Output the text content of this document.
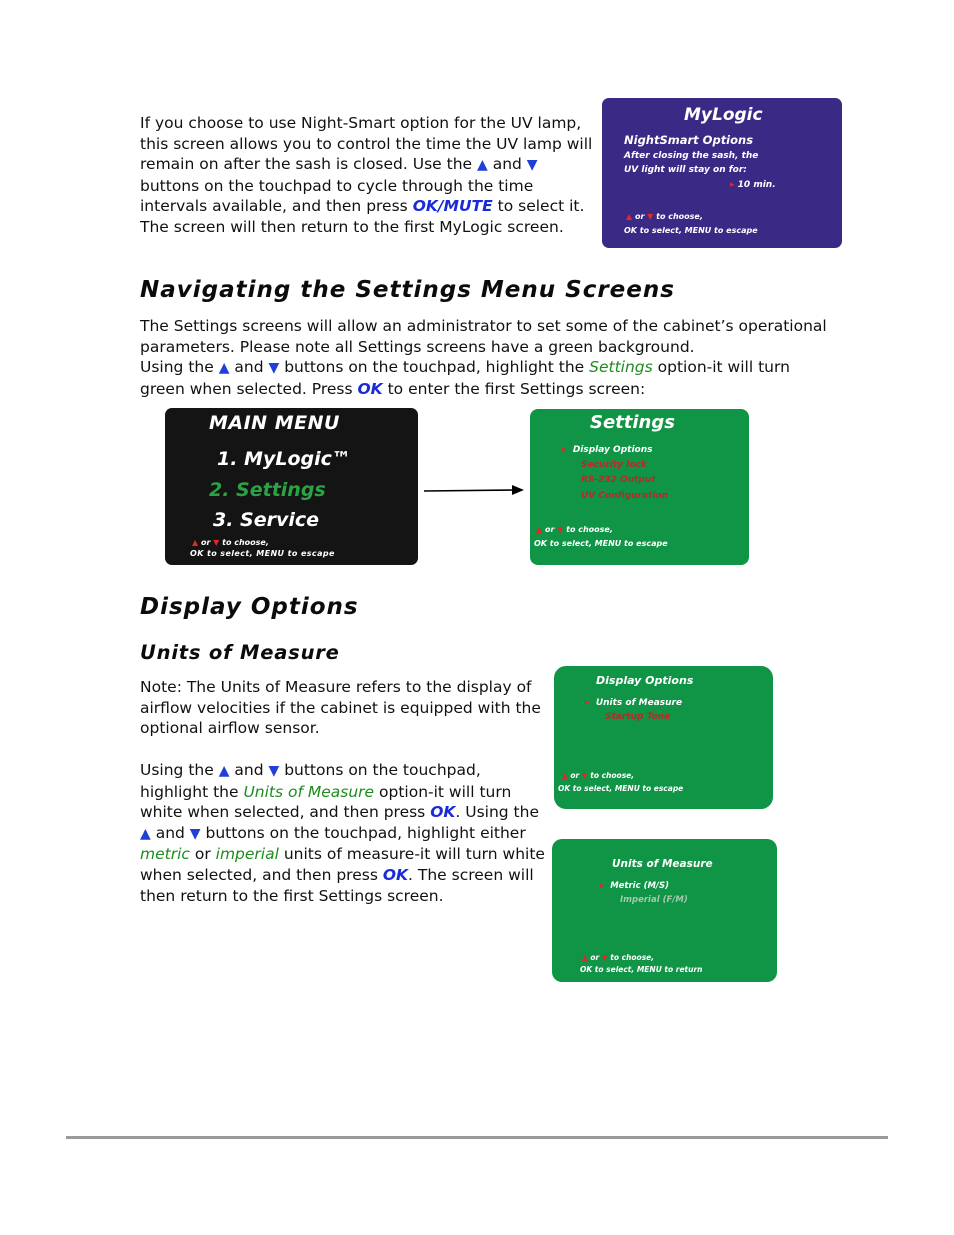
If you choose to use Night-Smart option for the UV lamp,
this screen allows you to control the time the UV lamp will
remain on after the sash is closed. Use the ▲ and ▼
buttons on the touchpad to cycle through the time
intervals available, and then press OK/MUTE to select it.
The screen will then return to the first MyLogic screen.
MyLogic
NightSmart Options
After closing the sash, the
UV light will stay on for:
▸ 10 min.
▲ or ▼ to choose,
OK to select, MENU to escape
Navigating the Settings Menu Screens
The Settings screens will allow an administrator to set some of the cabinet’s operational
parameters. Please note all Settings screens have a green background.
Using the ▲ and ▼ buttons on the touchpad, highlight the Settings option-it will turn
green when selected. Press OK to enter the first Settings screen:
MAIN MENU
1. MyLogic™
2. Settings
3. Service
▲ or ▼ to choose,
OK to select, MENU to escape
Settings
▸ Display Options
Security lock
RS-232 Output
UV Configuration
▲ or ▼ to choose,
OK to select, MENU to escape
Display Options
Units of Measure
Note: The Units of Measure refers to the display of
airflow velocities if the cabinet is equipped with the
optional airflow sensor.
Using the ▲ and ▼ buttons on the touchpad,
highlight the Units of Measure option-it will turn
white when selected, and then press OK. Using the
▲ and ▼ buttons on the touchpad, highlight either
metric or imperial units of measure-it will turn white
when selected, and then press OK. The screen will
then return to the first Settings screen.
Display Options
▸ Units of Measure
Startup Tone
▲ or ▼ to choose,
OK to select, MENU to escape
Units of Measure
▸ Metric (M/S)
Imperial (F/M)
▲ or ▼ to choose,
OK to select, MENU to return
